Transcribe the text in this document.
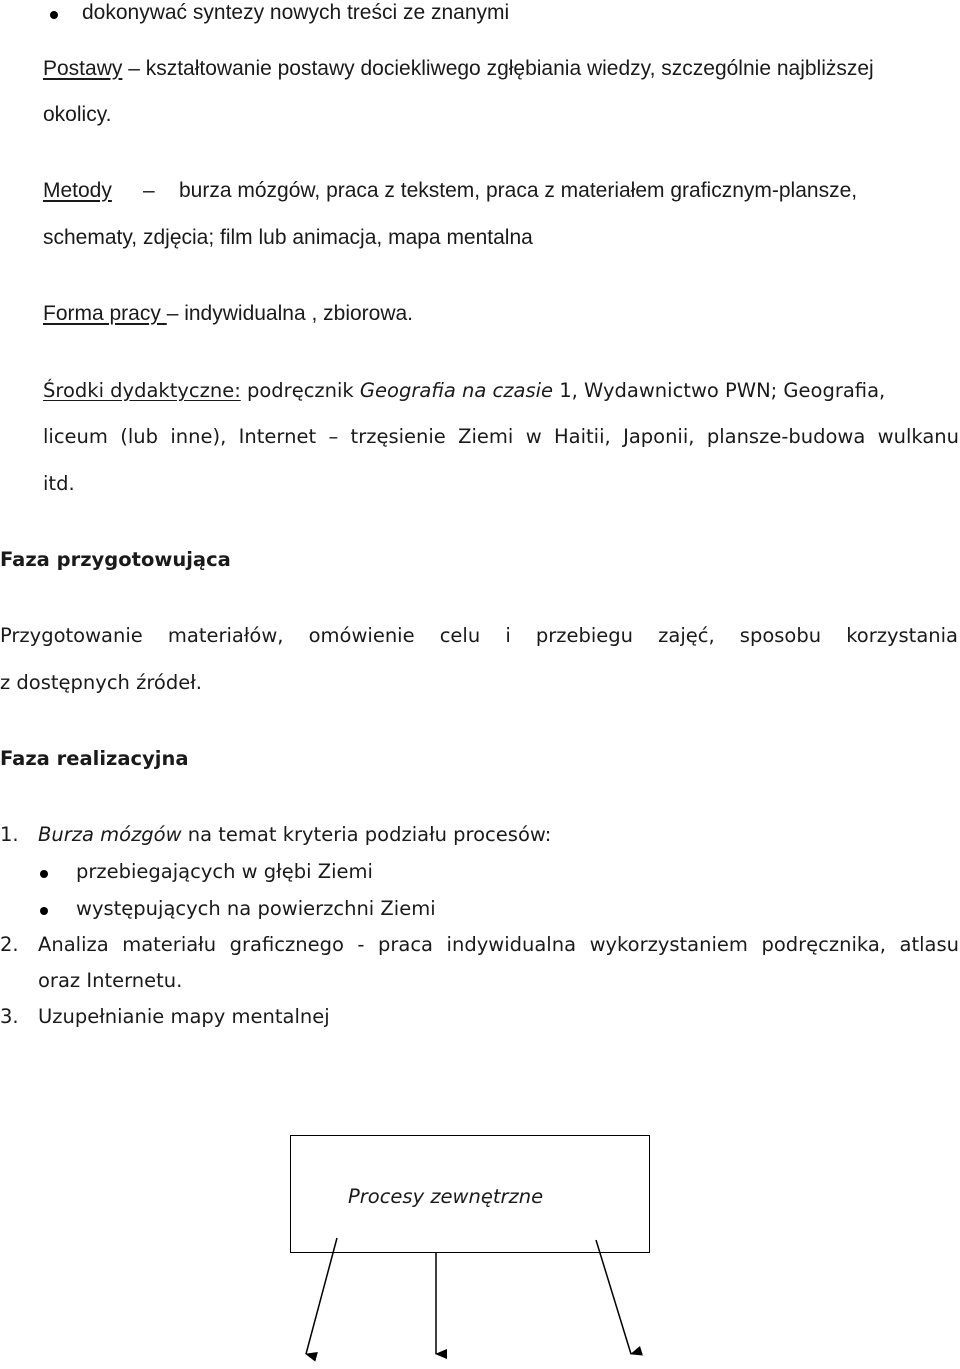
dokonywać syntezy nowych treści ze znanymi
Postawy – kształtowanie postawy dociekliwego zgłębiania wiedzy, szczególnie najbliższej
okolicy.
Metody – burza mózgów, praca z tekstem, praca z materiałem graficznym-plansze,
schematy, zdjęcia; film lub animacja, mapa mentalna
Forma pracy – indywidualna , zbiorowa.
Środki dydaktyczne: podręcznik Geografia na czasie 1, Wydawnictwo PWN; Geografia,
liceum (lub inne), Internet – trzęsienie Ziemi w Haitii, Japonii, plansze-budowa wulkanu
itd.
Faza przygotowująca
Przygotowanie materiałów, omówienie celu i przebiegu zajęć, sposobu korzystania
z dostępnych źródeł.
Faza realizacyjna
1. Burza mózgów na temat kryteria podziału procesów:
przebiegających w głębi Ziemi
występujących na powierzchni Ziemi
2. Analiza materiału graficznego - praca indywidualna wykorzystaniem podręcznika, atlasu
oraz Internetu.
3. Uzupełnianie mapy mentalnej
Procesy zewnętrzne
